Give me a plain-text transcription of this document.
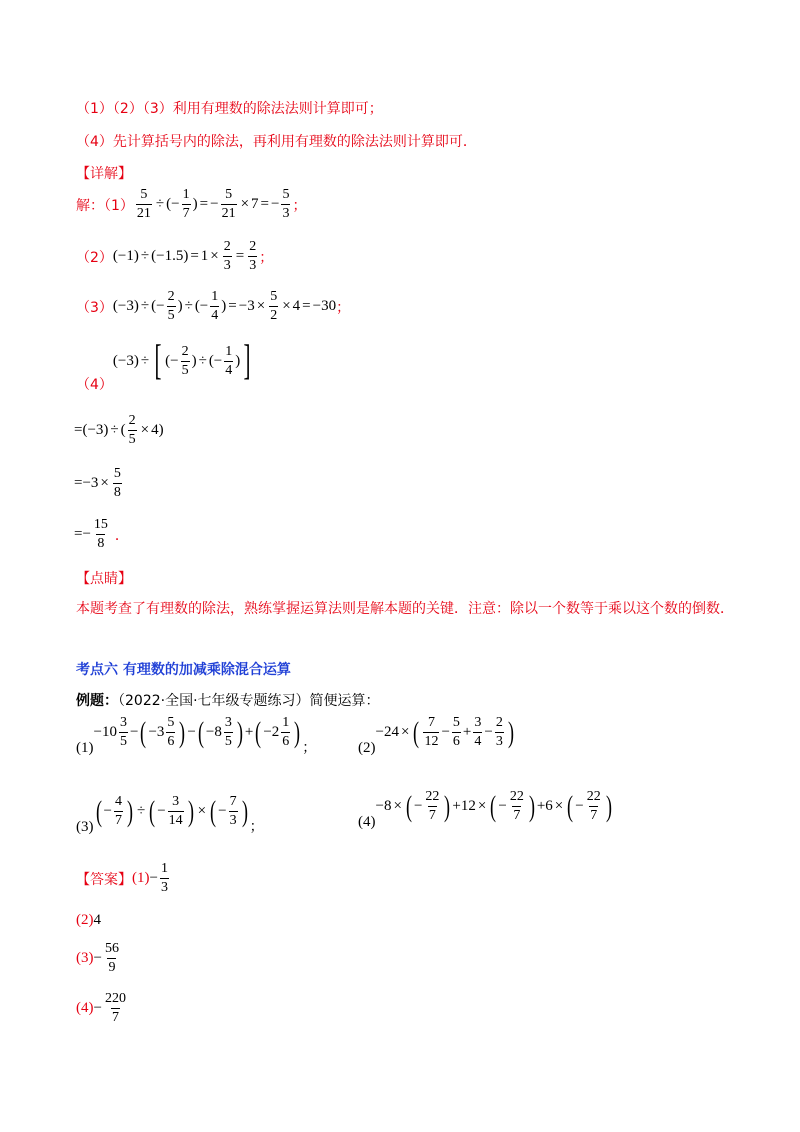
（1）（2）（3）利用有理数的除法法则计算即可；
（4）先计算括号内的除法，再利用有理数的除法法则计算即可．
【详解】
解：$(1) \frac{5}{21}$ ÷ (− $\frac{1}{7}$ ) = − $\frac{5}{21} \times 7$ = − $\frac{5}{3}$ ；
（2） $(-1) \div (-1.5) = 1 \times \frac{2}{3} = \frac{2}{3}$ ；
（3） (−3) ÷ (− $\frac{2}{5}$ ) ÷ (− $\frac{1}{4}$ ) = $-3 \times \frac{5}{2} \times 4 = -30$ ；
（4）
(−3) ÷ [ (− $\frac{2}{5}$ ) ÷ (− $\frac{1}{4}$ ) ]
=(−3) ÷ ( $\frac{2}{5} \times 4$)
$=-3 \times \frac{5}{8}$
=− $\frac{15}{8}$ ．
【点睛】
本题考查了有理数的除法，熟练掌握运算法则是解本题的关键．注意：除以一个数等于乘以这个数的倒数．
考点六 有理数的加减乘除混合运算
例题：（2022·全国·七年级专题练习）简便运算：
(1)
$-10 \frac{3}{5}$ − ( $-3 \frac{5}{6}$ ) − ( $-8 \frac{3}{5}$ ) + ( $-2 \frac{1}{6}$ ) ；	(2)
−24 × ( $\frac{7}{12} - \frac{5}{6} + \frac{3}{4} - \frac{2}{3}$ )
(3) ( − $\frac{4}{7}$ ) ÷ ( − $\frac{3}{14}$ ) × ( − $\frac{7}{3}$ ) ；	(4)
−8 × ( − $\frac{22}{7}$ ) +12 × ( − $\frac{22}{7}$ ) +6 × ( − $\frac{22}{7}$ )
【答案】 $(1) - \frac{1}{3}$
(2) 4
$(3) - \frac{56}{9}$
$(4) - \frac{220}{7}$
